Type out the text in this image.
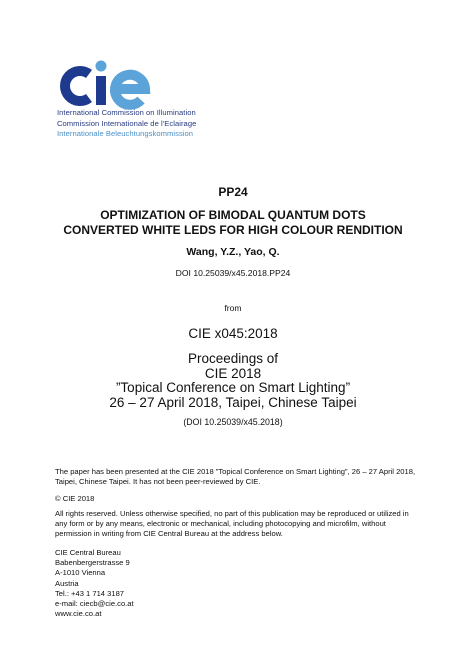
International Commission on Illumination
Commission Internationale de l'Eclairage
Internationale Beleuchtungskommission
PP24
OPTIMIZATION OF BIMODAL QUANTUM DOTS
CONVERTED WHITE LEDS FOR HIGH COLOUR RENDITION
Wang, Y.Z., Yao, Q.
DOI 10.25039/x45.2018.PP24
from
CIE x045:2018
Proceedings of
CIE 2018
”Topical Conference on Smart Lighting”
26 – 27 April 2018, Taipei, Chinese Taipei
(DOI 10.25039/x45.2018)
The paper has been presented at the CIE 2018 ”Topical Conference on Smart Lighting”, 26 – 27 April 2018, Taipei, Chinese Taipei. It has not been peer-reviewed by CIE.
© CIE 2018
All rights reserved. Unless otherwise specified, no part of this publication may be reproduced or utilized in any form or by any means, electronic or mechanical, including photocopying and microfilm, without permission in writing from CIE Central Bureau at the address below.
CIE Central Bureau
Babenbergerstrasse 9
A-1010 Vienna
Austria
Tel.: +43 1 714 3187
e-mail: ciecb@cie.co.at
www.cie.co.at
